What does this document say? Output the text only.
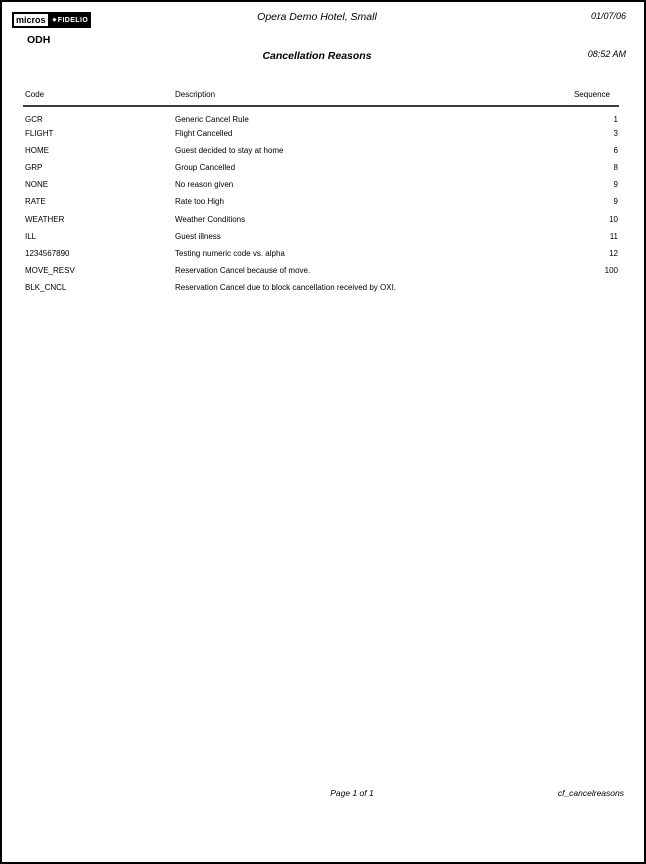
micros	◆ FIDELIO
ODH
Opera Demo Hotel, Small	01/07/06
Cancellation Reasons	08:52 AM
Code	Description	Sequence
GCR	Generic Cancel Rule	1
FLIGHT	Flight Cancelled	3
HOME	Guest decided to stay at home	6
GRP	Group Cancelled	8
NONE	No reason given	9
RATE	Rate too High	9
WEATHER	Weather Conditions	10
ILL	Guest illness	11
1234567890	Testing numeric code vs. alpha	12
MOVE_RESV	Reservation Cancel because of move.	100
BLK_CNCL	Reservation Cancel due to block cancellation received by OXI.	
Page 1 of 1	cf_cancelreasons
